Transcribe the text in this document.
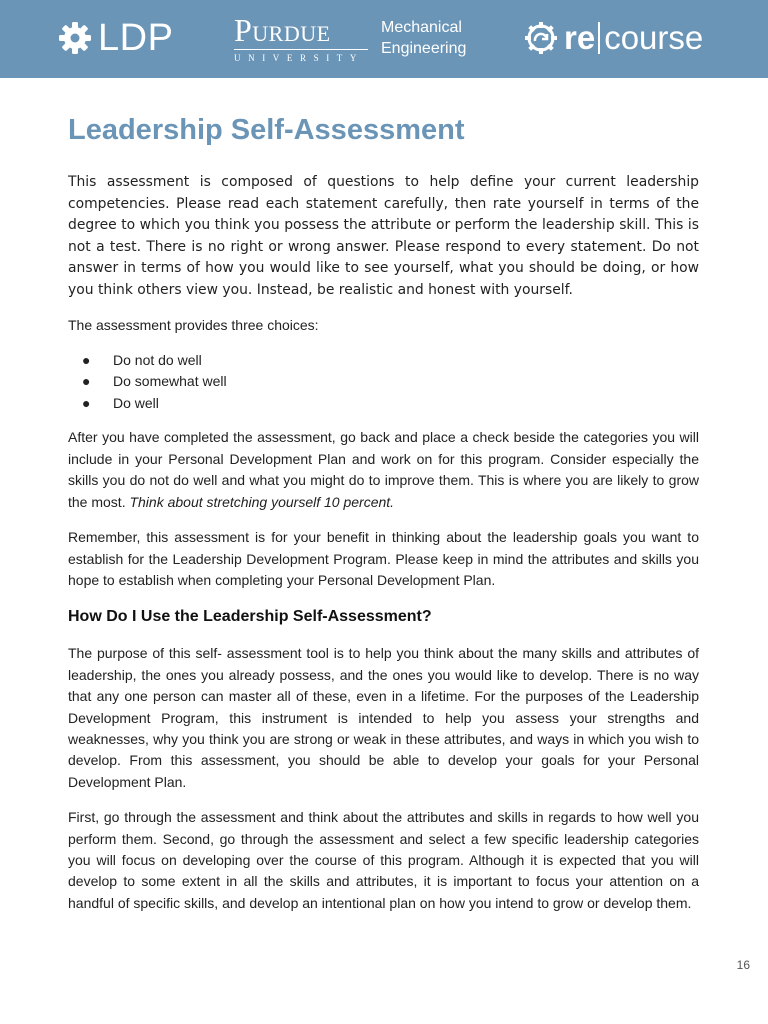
LDP Purdue
UNIVERSITY
Mechanical
Engineering	re course
Leadership Self-Assessment

This assessment is composed of questions to help define your current leadership competencies. Please read each statement carefully, then rate yourself in terms of the degree to which you think you possess the attribute or perform the leadership skill. This is not a test. There is no right or wrong answer. Please respond to every statement. Do not answer in terms of how you would like to see yourself, what you should be doing, or how you think others view you. Instead, be realistic and honest with yourself.

The assessment provides three choices:

● Do not do well
● Do somewhat well
● Do well

After you have completed the assessment, go back and place a check beside the categories you will include in your Personal Development Plan and work on for this program. Consider especially the skills you do not do well and what you might do to improve them. This is where you are likely to grow the most. Think about stretching yourself 10 percent.

Remember, this assessment is for your benefit in thinking about the leadership goals you want to establish for the Leadership Development Program. Please keep in mind the attributes and skills you hope to establish when completing your Personal Development Plan.

How Do I Use the Leadership Self-Assessment?

The purpose of this self- assessment tool is to help you think about the many skills and attributes of leadership, the ones you already possess, and the ones you would like to develop. There is no way that any one person can master all of these, even in a lifetime. For the purposes of the Leadership Development Program, this instrument is intended to help you assess your strengths and weaknesses, why you think you are strong or weak in these attributes, and ways in which you wish to develop. From this assessment, you should be able to develop your goals for your Personal Development Plan.

First, go through the assessment and think about the attributes and skills in regards to how well you perform them. Second, go through the assessment and select a few specific leadership categories you will focus on developing over the course of this program. Although it is expected that you will develop to some extent in all the skills and attributes, it is important to focus your attention on a handful of specific skills, and develop an intentional plan on how you intend to grow or develop them.

16
